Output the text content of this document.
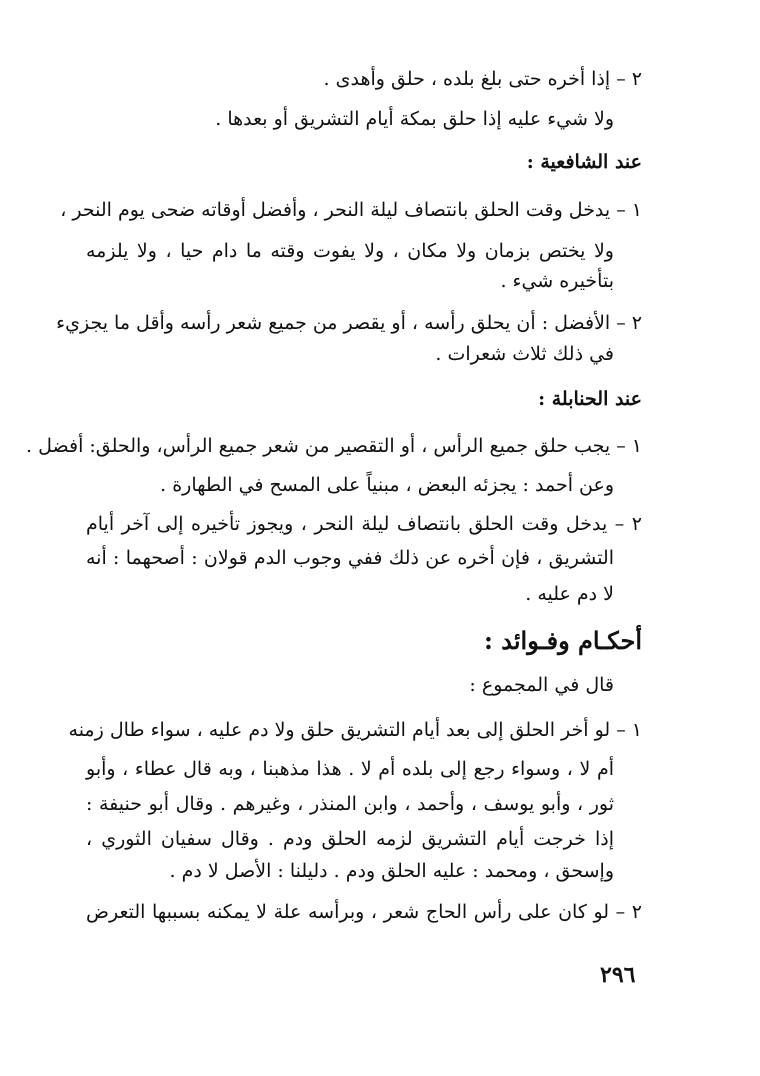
٢ – إذا أخره حتى بلغ بلده ، حلق وأهدى .
ولا شيء عليه إذا حلق بمكة أيام التشريق أو بعدها .
عند الشافعية :
١ – يدخل وقت الحلق بانتصاف ليلة النحر ، وأفضل أوقاته ضحى يوم النحر ،
ولا يختص بزمان ولا مكان ، ولا يفوت وقته ما دام حيا ، ولا يلزمه
بتأخيره شيء .
٢ – الأفضل : أن يحلق رأسه ، أو يقصر من جميع شعر رأسه وأقل ما يجزيء
في ذلك ثلاث شعرات .
عند الحنابلة :
١ – يجب حلق جميع الرأس ، أو التقصير من شعر جميع الرأس، والحلق: أفضل .
وعن أحمد : يجزئه البعض ، مبنياً على المسح في الطهارة .
٢ – يدخل وقت الحلق بانتصاف ليلة النحر ، ويجوز تأخيره إلى آخر أيام
التشريق ، فإن أخره عن ذلك ففي وجوب الدم قولان : أصحهما : أنه
لا دم عليه .
أحكـام وفـوائد :
قال في المجموع :
١ – لو أخر الحلق إلى بعد أيام التشريق حلق ولا دم عليه ، سواء طال زمنه
أم لا ، وسواء رجع إلى بلده أم لا . هذا مذهبنا ، وبه قال عطاء ، وأبو
ثور ، وأبو يوسف ، وأحمد ، وابن المنذر ، وغيرهم . وقال أبو حنيفة :
إذا خرجت أيام التشريق لزمه الحلق ودم . وقال سفيان الثوري ،
وإسحق ، ومحمد : عليه الحلق ودم . دليلنا : الأصل لا دم .
٢ – لو كان على رأس الحاج شعر ، وبرأسه علة لا يمكنه بسببها التعرض
٢٩٦
